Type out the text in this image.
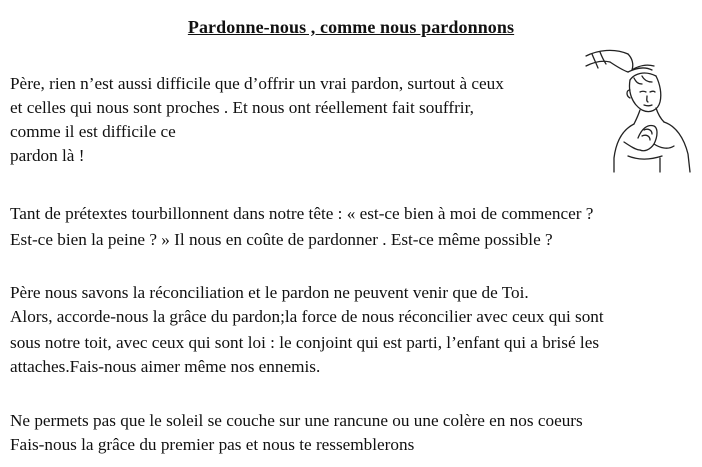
Pardonne-nous , comme nous pardonnons
Père, rien n’est aussi difficile que d’offrir un vrai pardon, surtout à ceux
et celles qui nous sont proches . Et nous ont réellement fait souffrir,
comme il est difficile ce
pardon là !
Tant de prétextes tourbillonnent dans notre tête : « est-ce bien à moi de commencer ?
Est-ce bien la peine ? » Il nous en coûte de pardonner . Est-ce même possible ?
Père nous savons la réconciliation et le pardon ne peuvent venir que de Toi.
Alors, accorde-nous la grâce du pardon;la force de nous réconcilier avec ceux qui sont
sous notre toit, avec ceux qui sont loi : le conjoint qui est parti, l’enfant qui a brisé les
attaches.Fais-nous aimer même nos ennemis.
Ne permets pas que le soleil se couche sur une rancune ou une colère en nos coeurs
Fais-nous la grâce du premier pas et nous te ressemblerons
